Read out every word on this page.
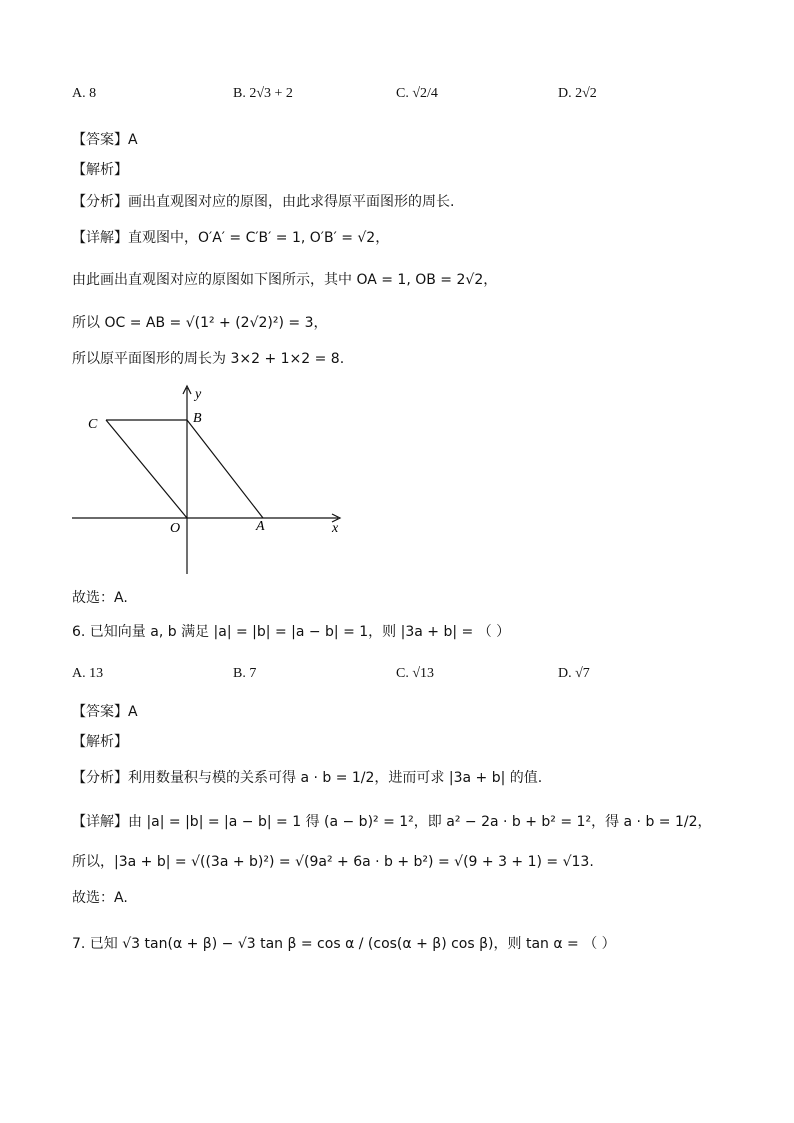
A. 8	B. 2√3 + 2	C. √2/4	D. 2√2
【答案】A
【解析】
【分析】画出直观图对应的原图，由此求得原平面图形的周长.
【详解】直观图中，O′A′ = C′B′ = 1, O′B′ = √2，
由此画出直观图对应的原图如下图所示，其中 OA = 1, OB = 2√2，
所以 OC = AB = √(1² + (2√2)²) = 3，
所以原平面图形的周长为 3×2 + 1×2 = 8.
y
x
C	B
O	A
故选：A.
6. 已知向量 a, b 满足 |a| = |b| = |a − b| = 1，则 |3a + b| = （ ）
A. 13	B. 7	C. √13	D. √7
【答案】A
【解析】
【分析】利用数量积与模的关系可得 a · b = 1/2，进而可求 |3a + b| 的值.
【详解】由 |a| = |b| = |a − b| = 1 得 (a − b)² = 1²，即 a² − 2a · b + b² = 1²，得 a · b = 1/2，
所以，|3a + b| = √((3a + b)²) = √(9a² + 6a · b + b²) = √(9 + 3 + 1) = √13.
故选：A.
7. 已知 √3 tan(α + β) − √3 tan β = cos α / (cos(α + β) cos β)，则 tan α = （ ）
